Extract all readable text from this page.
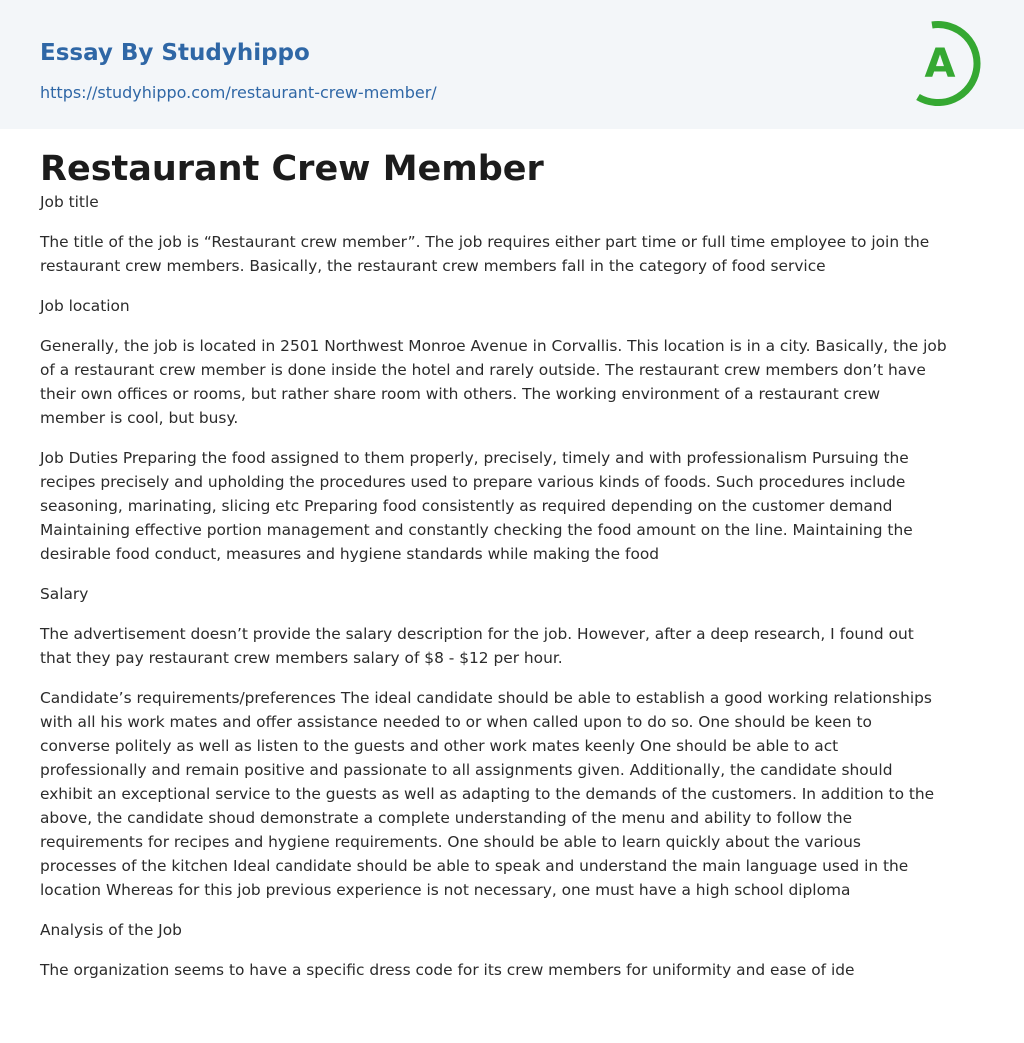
Essay By Studyhippo
https://studyhippo.com/restaurant-crew-member/
A
Restaurant Crew Member

Job title

The title of the job is “Restaurant crew member”. The job requires either part time or full time employee to join the
restaurant crew members. Basically, the restaurant crew members fall in the category of food service

Job location

Generally, the job is located in 2501 Northwest Monroe Avenue in Corvallis. This location is in a city. Basically, the job
of a restaurant crew member is done inside the hotel and rarely outside. The restaurant crew members don’t have
their own offices or rooms, but rather share room with others. The working environment of a restaurant crew
member is cool, but busy.

Job Duties Preparing the food assigned to them properly, precisely, timely and with professionalism Pursuing the
recipes precisely and upholding the procedures used to prepare various kinds of foods. Such procedures include
seasoning, marinating, slicing etc Preparing food consistently as required depending on the customer demand
Maintaining effective portion management and constantly checking the food amount on the line. Maintaining the
desirable food conduct, measures and hygiene standards while making the food

Salary

The advertisement doesn’t provide the salary description for the job. However, after a deep research, I found out
that they pay restaurant crew members salary of $8 - $12 per hour.

Candidate’s requirements/preferences The ideal candidate should be able to establish a good working relationships
with all his work mates and offer assistance needed to or when called upon to do so. One should be keen to
converse politely as well as listen to the guests and other work mates keenly One should be able to act
professionally and remain positive and passionate to all assignments given. Additionally, the candidate should
exhibit an exceptional service to the guests as well as adapting to the demands of the customers. In addition to the
above, the candidate shoud demonstrate a complete understanding of the menu and ability to follow the
requirements for recipes and hygiene requirements. One should be able to learn quickly about the various
processes of the kitchen Ideal candidate should be able to speak and understand the main language used in the
location Whereas for this job previous experience is not necessary, one must have a high school diploma

Analysis of the Job

The organization seems to have a specific dress code for its crew members for uniformity and ease of ide
